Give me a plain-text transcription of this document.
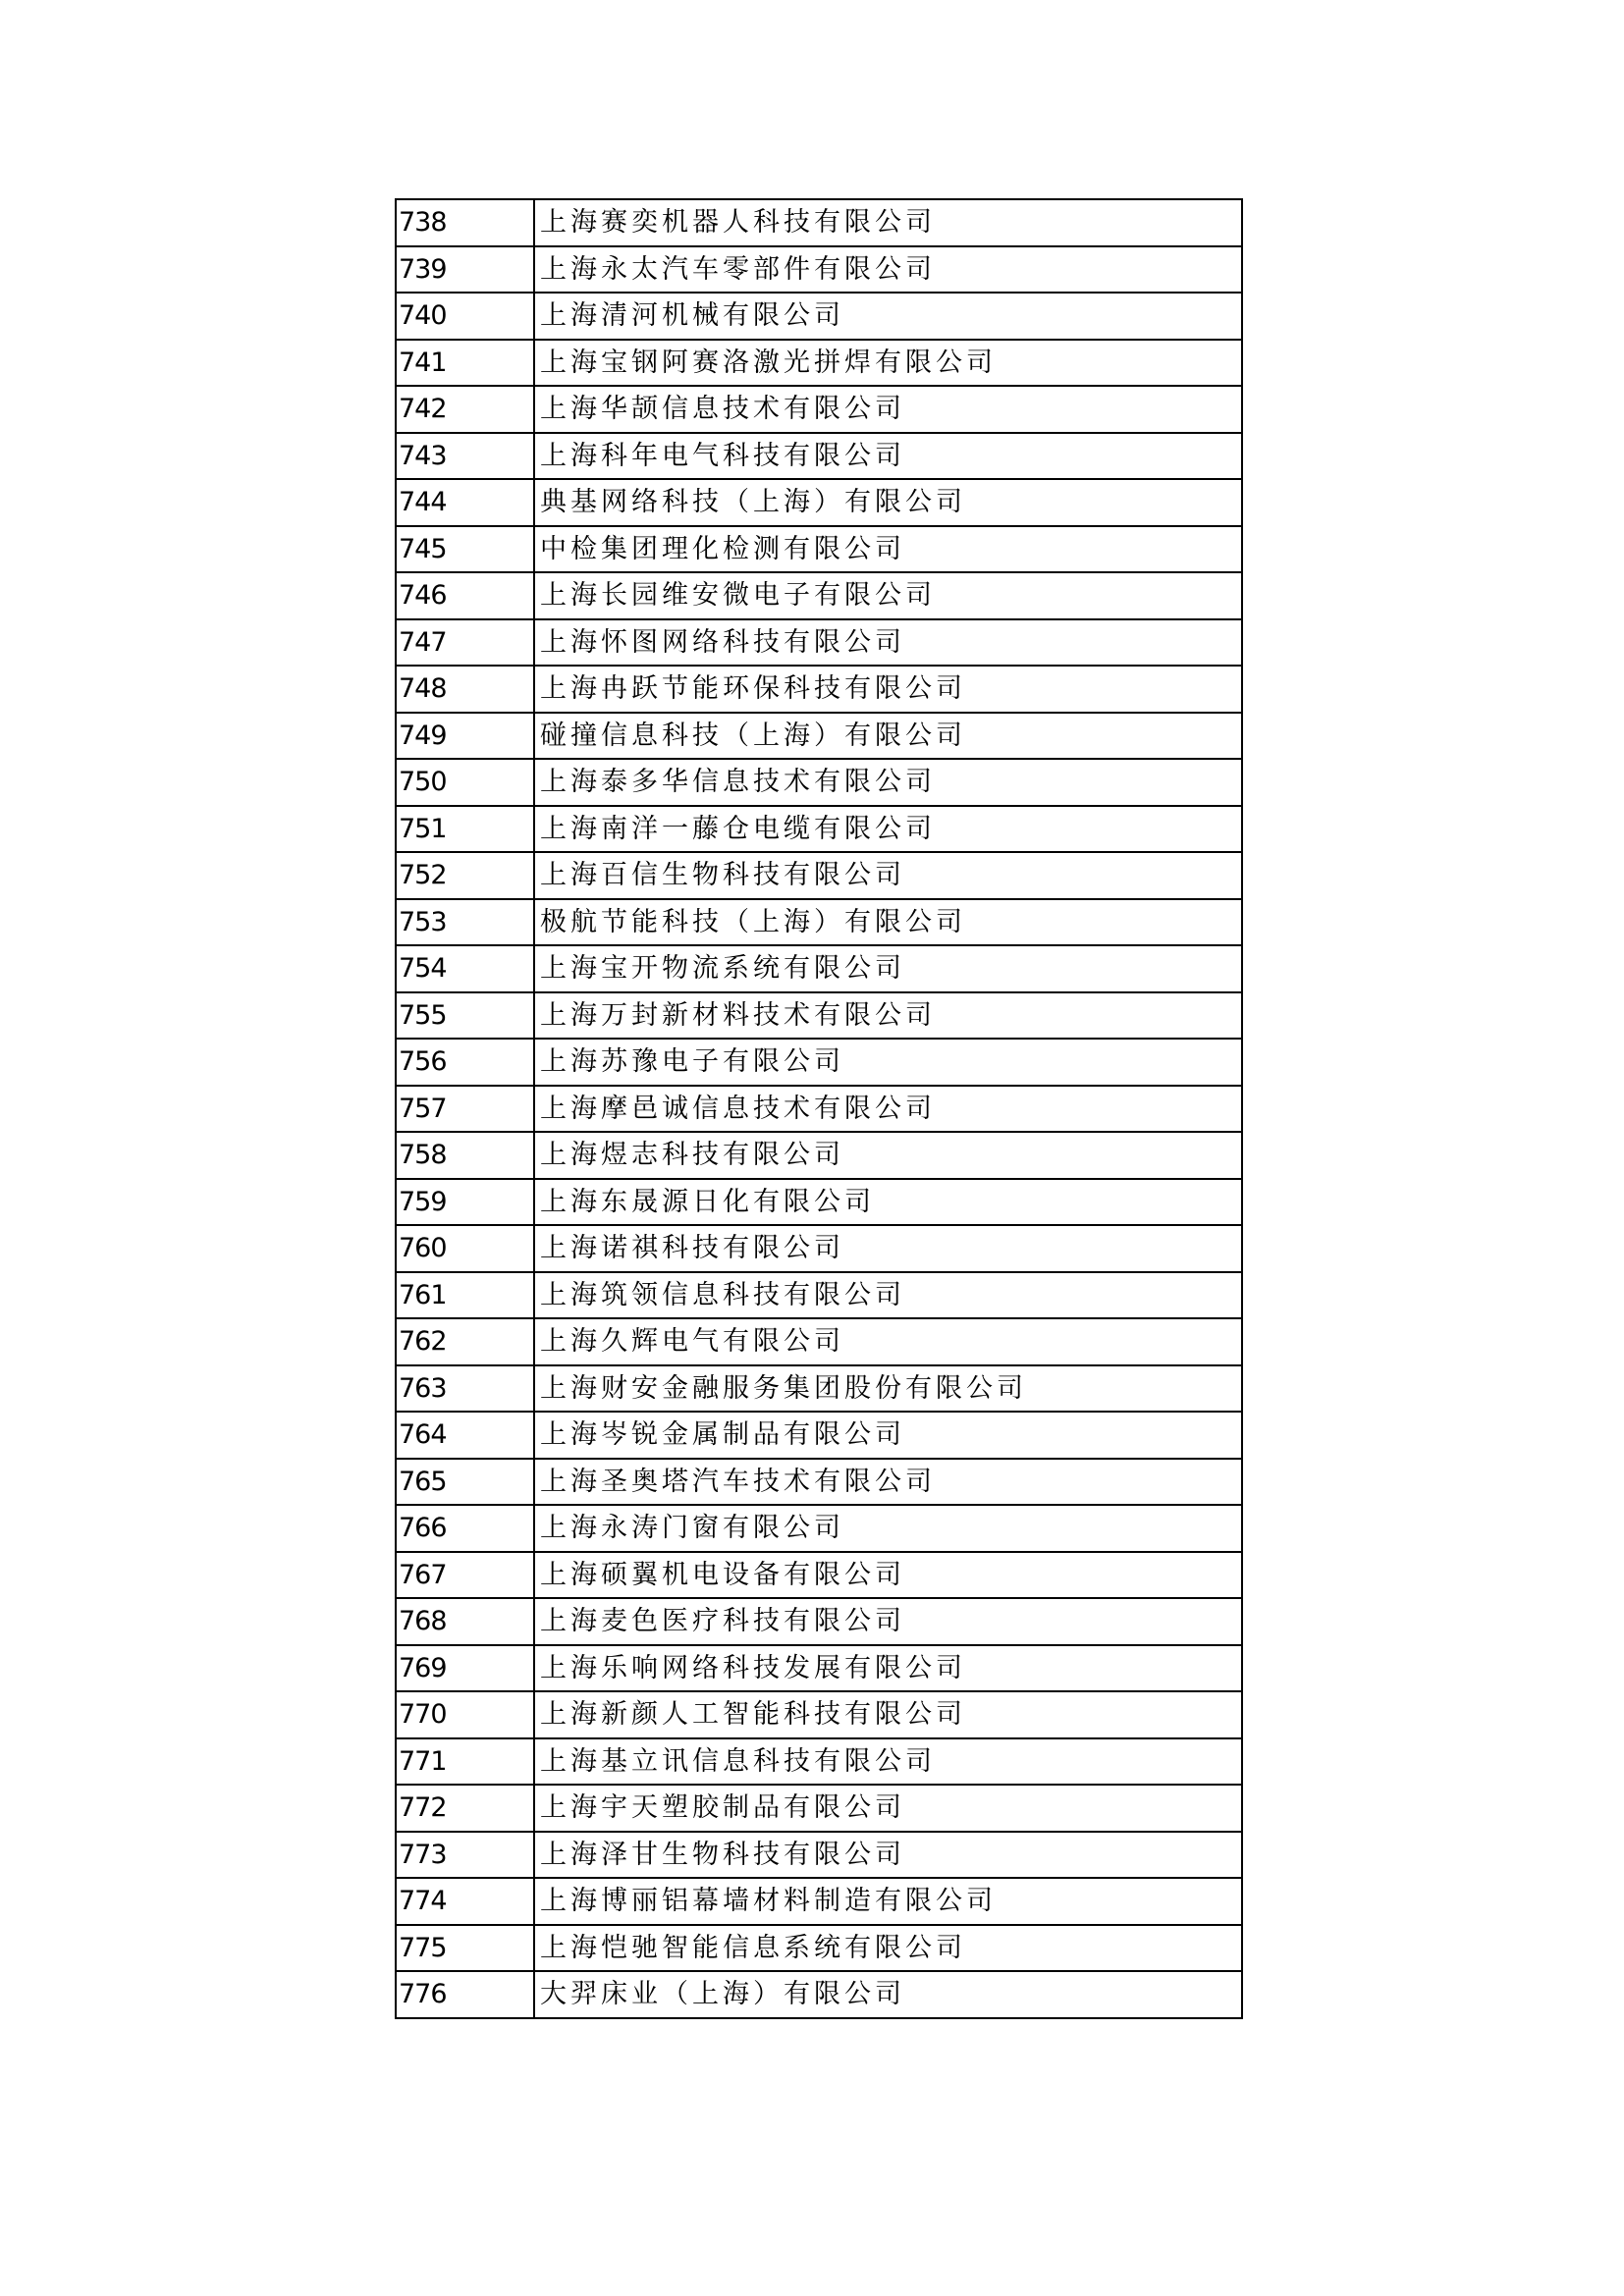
738	上海赛奕机器人科技有限公司
739	上海永太汽车零部件有限公司
740	上海清河机械有限公司
741	上海宝钢阿赛洛激光拼焊有限公司
742	上海华颉信息技术有限公司
743	上海科年电气科技有限公司
744	典基网络科技（上海）有限公司
745	中检集团理化检测有限公司
746	上海长园维安微电子有限公司
747	上海怀图网络科技有限公司
748	上海冉跃节能环保科技有限公司
749	碰撞信息科技（上海）有限公司
750	上海泰多华信息技术有限公司
751	上海南洋一藤仓电缆有限公司
752	上海百信生物科技有限公司
753	极航节能科技（上海）有限公司
754	上海宝开物流系统有限公司
755	上海万封新材料技术有限公司
756	上海苏豫电子有限公司
757	上海摩邑诚信息技术有限公司
758	上海煜志科技有限公司
759	上海东晟源日化有限公司
760	上海诺祺科技有限公司
761	上海筑领信息科技有限公司
762	上海久辉电气有限公司
763	上海财安金融服务集团股份有限公司
764	上海岑锐金属制品有限公司
765	上海圣奥塔汽车技术有限公司
766	上海永涛门窗有限公司
767	上海硕翼机电设备有限公司
768	上海麦色医疗科技有限公司
769	上海乐响网络科技发展有限公司
770	上海新颜人工智能科技有限公司
771	上海基立讯信息科技有限公司
772	上海宇天塑胶制品有限公司
773	上海泽甘生物科技有限公司
774	上海博丽铝幕墙材料制造有限公司
775	上海恺驰智能信息系统有限公司
776	大羿床业（上海）有限公司
